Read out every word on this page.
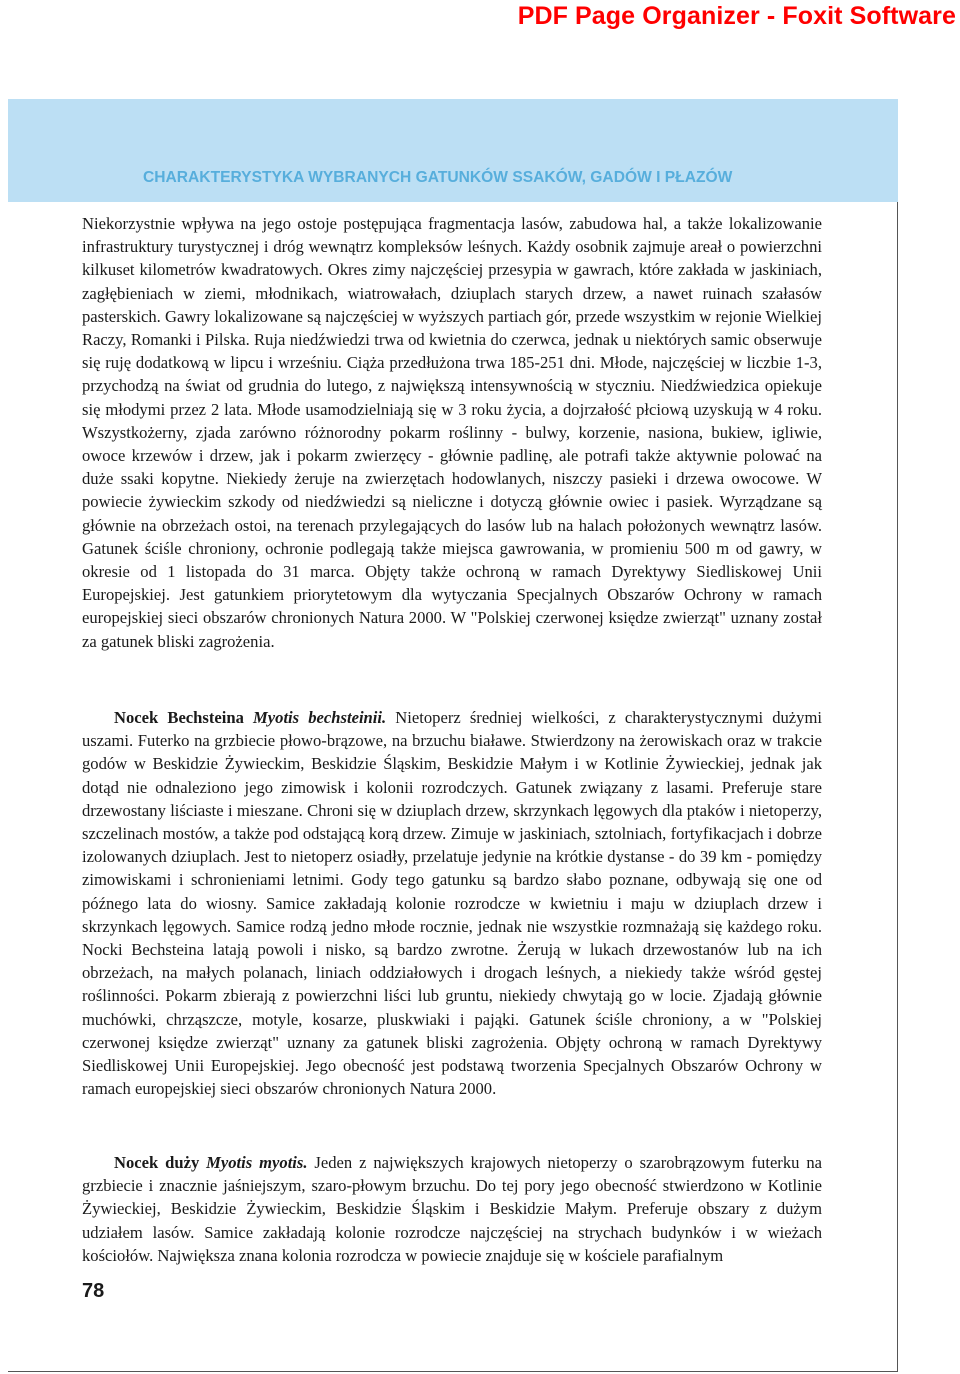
PDF Page Organizer - Foxit Software
CHARAKTERYSTYKA WYBRANYCH GATUNKÓW SSAKÓW, GADÓW I PŁAZÓW
Niekorzystnie wpływa na jego ostoje postępująca fragmentacja lasów, zabudowa hal, a także lokalizowanie infrastruktury turystycznej i dróg wewnątrz kompleksów leśnych. Każdy osobnik zajmuje areał o powierzchni kilkuset kilometrów kwadratowych. Okres zimy najczęściej przesypia w gawrach, które zakłada w jaskiniach, zagłębieniach w ziemi, młodnikach, wiatrowałach, dziuplach starych drzew, a nawet ruinach szałasów pasterskich. Gawry lokalizowane są najczęściej w wyższych partiach gór, przede wszystkim w rejonie Wielkiej Raczy, Romanki i Pilska. Ruja niedźwiedzi trwa od kwietnia do czerwca, jednak u niektórych samic obserwuje się ruję dodatkową w lipcu i wrześniu. Ciąża przedłużona trwa 185-251 dni. Młode, najczęściej w liczbie 1-3, przychodzą na świat od grudnia do lutego, z największą intensywnością w styczniu. Niedźwiedzica opiekuje się młodymi przez 2 lata. Młode usamodzielniają się w 3 roku życia, a dojrzałość płciową uzyskują w 4 roku. Wszystkożerny, zjada zarówno różnorodny pokarm roślinny - bulwy, korzenie, nasiona, bukiew, igliwie, owoce krzewów i drzew, jak i pokarm zwierzęcy - głównie padlinę, ale potrafi także aktywnie polować na duże ssaki kopytne. Niekiedy żeruje na zwierzętach hodowlanych, niszczy pasieki i drzewa owocowe. W powiecie żywieckim szkody od niedźwiedzi są nieliczne i dotyczą głównie owiec i pasiek. Wyrządzane są głównie na obrzeżach ostoi, na terenach przylegających do lasów lub na halach położonych wewnątrz lasów. Gatunek ściśle chroniony, ochronie podlegają także miejsca gawrowania, w promieniu 500 m od gawry, w okresie od 1 listopada do 31 marca. Objęty także ochroną w ramach Dyrektywy Siedliskowej Unii Europejskiej. Jest gatunkiem priorytetowym dla wytyczania Specjalnych Obszarów Ochrony w ramach europejskiej sieci obszarów chronionych Natura 2000. W "Polskiej czerwonej księdze zwierząt" uznany został za gatunek bliski zagrożenia.
Nocek Bechsteina Myotis bechsteinii. Nietoperz średniej wielkości, z charakterystycznymi dużymi uszami. Futerko na grzbiecie płowo-brązowe, na brzuchu białawe. Stwierdzony na żerowiskach oraz w trakcie godów w Beskidzie Żywieckim, Beskidzie Śląskim, Beskidzie Małym i w Kotlinie Żywieckiej, jednak jak dotąd nie odnaleziono jego zimowisk i kolonii rozrodczych. Gatunek związany z lasami. Preferuje stare drzewostany liściaste i mieszane. Chroni się w dziuplach drzew, skrzynkach lęgowych dla ptaków i nietoperzy, szczelinach mostów, a także pod odstającą korą drzew. Zimuje w jaskiniach, sztolniach, fortyfikacjach i dobrze izolowanych dziuplach. Jest to nietoperz osiadły, przelatuje jedynie na krótkie dystanse - do 39 km - pomiędzy zimowiskami i schronieniami letnimi. Gody tego gatunku są bardzo słabo poznane, odbywają się one od późnego lata do wiosny. Samice zakładają kolonie rozrodcze w kwietniu i maju w dziuplach drzew i skrzynkach lęgowych. Samice rodzą jedno młode rocznie, jednak nie wszystkie rozmnażają się każdego roku. Nocki Bechsteina latają powoli i nisko, są bardzo zwrotne. Żerują w lukach drzewostanów lub na ich obrzeżach, na małych polanach, liniach oddziałowych i drogach leśnych, a niekiedy także wśród gęstej roślinności. Pokarm zbierają z powierzchni liści lub gruntu, niekiedy chwytają go w locie. Zjadają głównie muchówki, chrząszcze, motyle, kosarze, pluskwiaki i pająki. Gatunek ściśle chroniony, a w "Polskiej czerwonej księdze zwierząt" uznany za gatunek bliski zagrożenia. Objęty ochroną w ramach Dyrektywy Siedliskowej Unii Europejskiej. Jego obecność jest podstawą tworzenia Specjalnych Obszarów Ochrony w ramach europejskiej sieci obszarów chronionych Natura 2000.
Nocek duży Myotis myotis. Jeden z największych krajowych nietoperzy o szarobrązowym futerku na grzbiecie i znacznie jaśniejszym, szaro-płowym brzuchu. Do tej pory jego obecność stwierdzono w Kotlinie Żywieckiej, Beskidzie Żywieckim, Beskidzie Śląskim i Beskidzie Małym. Preferuje obszary z dużym udziałem lasów. Samice zakładają kolonie rozrodcze najczęściej na strychach budynków i w wieżach kościołów. Największa znana kolonia rozrodcza w powiecie znajduje się w kościele parafialnym
78
